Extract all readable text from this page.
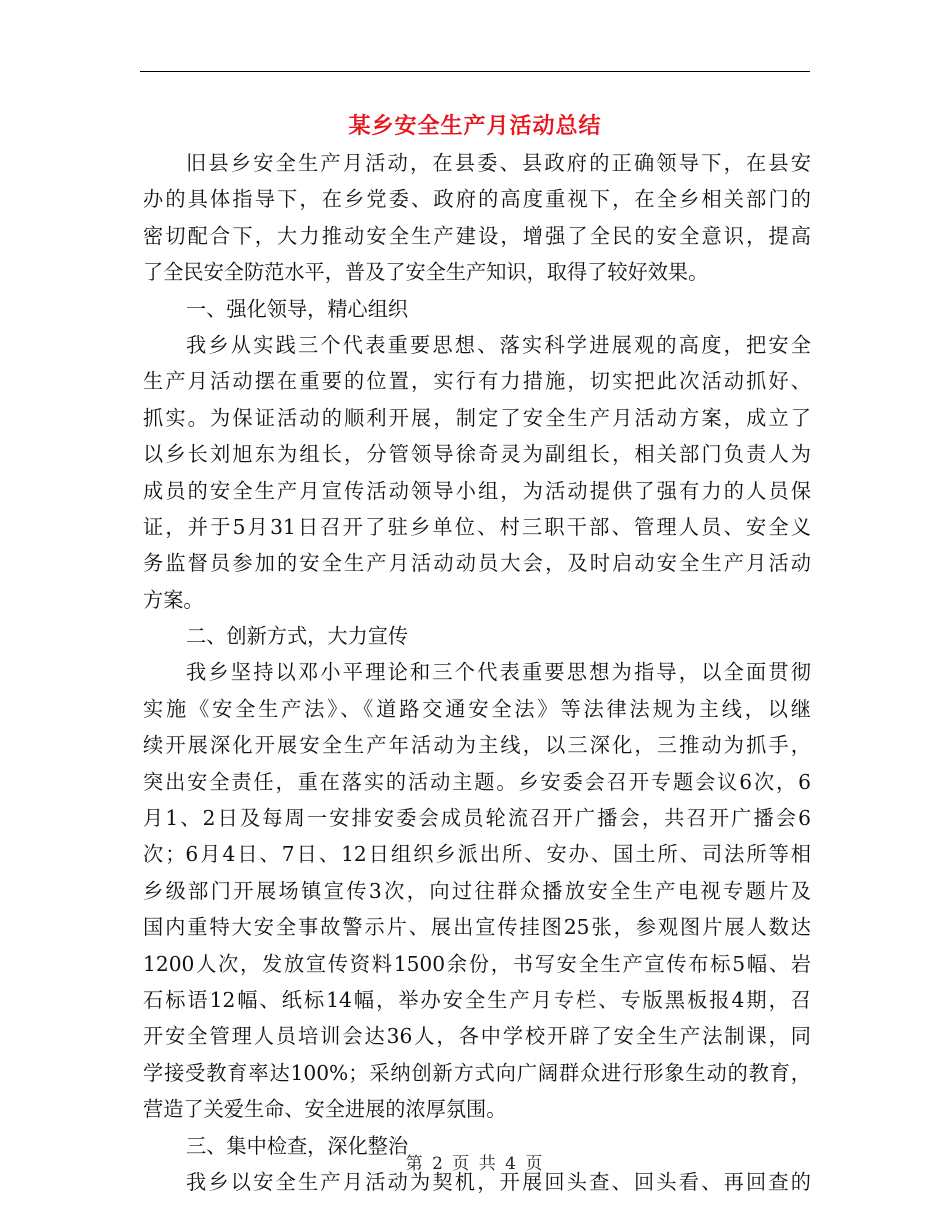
某乡安全生产月活动总结
旧县乡安全生产月活动，在县委、县政府的正确领导下，在县安
办的具体指导下，在乡党委、政府的高度重视下，在全乡相关部门的
密切配合下，大力推动安全生产建设，增强了全民的安全意识，提高
了全民安全防范水平，普及了安全生产知识，取得了较好效果。
一、强化领导，精心组织
我乡从实践三个代表重要思想、落实科学进展观的高度，把安全
生产月活动摆在重要的位置，实行有力措施，切实把此次活动抓好、
抓实。为保证活动的顺利开展，制定了安全生产月活动方案，成立了
以乡长刘旭东为组长，分管领导徐奇灵为副组长，相关部门负责人为
成员的安全生产月宣传活动领导小组，为活动提供了强有力的人员保
证，并于5月31日召开了驻乡单位、村三职干部、管理人员、安全义
务监督员参加的安全生产月活动动员大会，及时启动安全生产月活动
方案。
二、创新方式，大力宣传
我乡坚持以邓小平理论和三个代表重要思想为指导，以全面贯彻
实施《安全生产法》、《道路交通安全法》等法律法规为主线，以继
续开展深化开展安全生产年活动为主线，以三深化，三推动为抓手，
突出安全责任，重在落实的活动主题。乡安委会召开专题会议6次，6
月1、2日及每周一安排安委会成员轮流召开广播会，共召开广播会6
次；6月4日、7日、12日组织乡派出所、安办、国土所、司法所等相
乡级部门开展场镇宣传3次，向过往群众播放安全生产电视专题片及
国内重特大安全事故警示片、展出宣传挂图25张，参观图片展人数达
1200人次，发放宣传资料1500余份，书写安全生产宣传布标5幅、岩
石标语12幅、纸标14幅，举办安全生产月专栏、专版黑板报4期，召
开安全管理人员培训会达36人，各中学校开辟了安全生产法制课，同
学接受教育率达100%；采纳创新方式向广阔群众进行形象生动的教育，
营造了关爱生命、安全进展的浓厚氛围。
三、集中检查，深化整治
我乡以安全生产月活动为契机，开展回头查、回头看、再回查的
第 2 页 共 4 页
